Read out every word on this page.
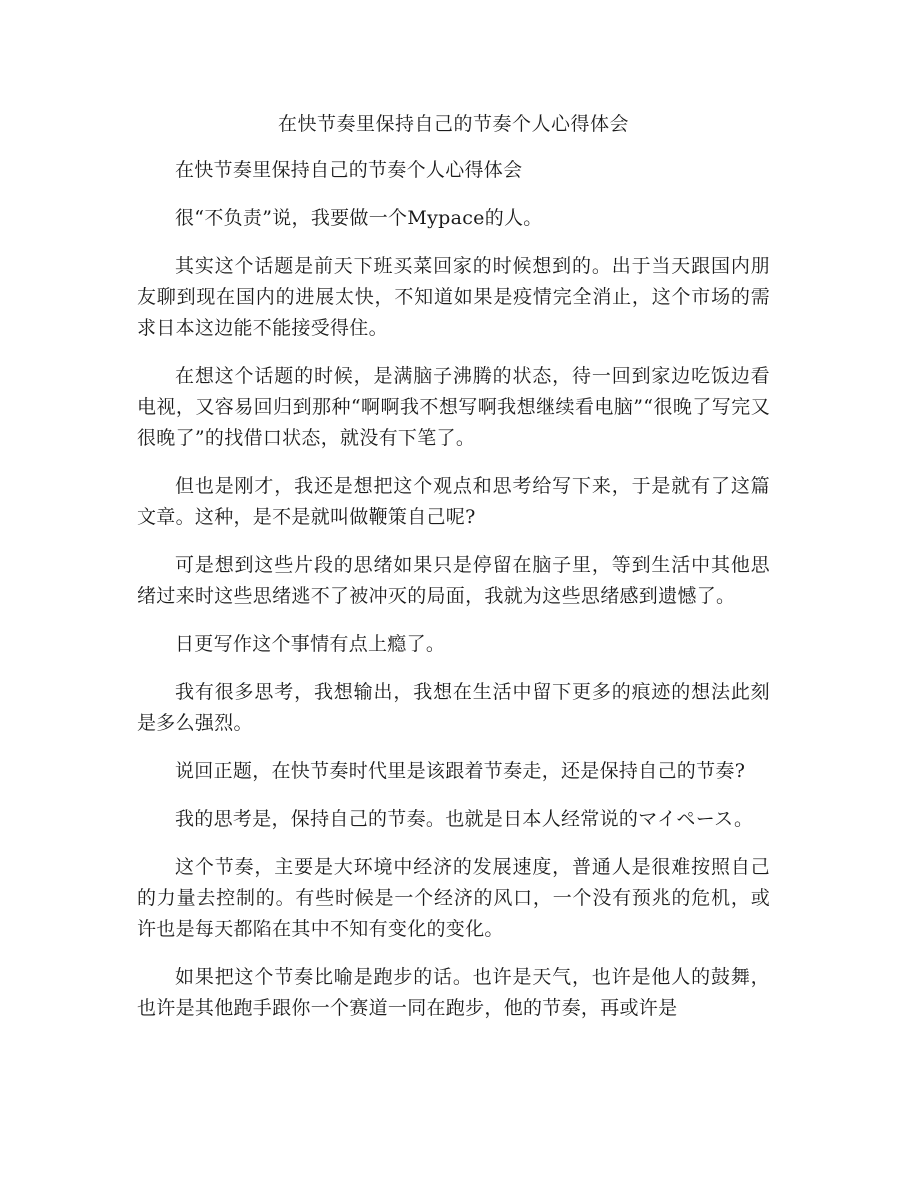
在快节奏里保持自己的节奏个人心得体会

在快节奏里保持自己的节奏个人心得体会

很“不负责”说，我要做一个Mypace的人。

其实这个话题是前天下班买菜回家的时候想到的。出于当天跟国内朋友聊到现在国内的进展太快，不知道如果是疫情完全消止，这个市场的需求日本这边能不能接受得住。

在想这个话题的时候，是满脑子沸腾的状态，待一回到家边吃饭边看电视，又容易回归到那种“啊啊我不想写啊我想继续看电脑”“很晚了写完又很晚了”的找借口状态，就没有下笔了。

但也是刚才，我还是想把这个观点和思考给写下来，于是就有了这篇文章。这种，是不是就叫做鞭策自己呢?

可是想到这些片段的思绪如果只是停留在脑子里，等到生活中其他思绪过来时这些思绪逃不了被冲灭的局面，我就为这些思绪感到遗憾了。

日更写作这个事情有点上瘾了。

我有很多思考，我想输出，我想在生活中留下更多的痕迹的想法此刻是多么强烈。

说回正题，在快节奏时代里是该跟着节奏走，还是保持自己的节奏?

我的思考是，保持自己的节奏。也就是日本人经常说的マイペース。

这个节奏，主要是大环境中经济的发展速度，普通人是很难按照自己的力量去控制的。有些时候是一个经济的风口，一个没有预兆的危机，或许也是每天都陷在其中不知有变化的变化。

如果把这个节奏比喻是跑步的话。也许是天气，也许是他人的鼓舞，也许是其他跑手跟你一个赛道一同在跑步，他的节奏，再或许是
